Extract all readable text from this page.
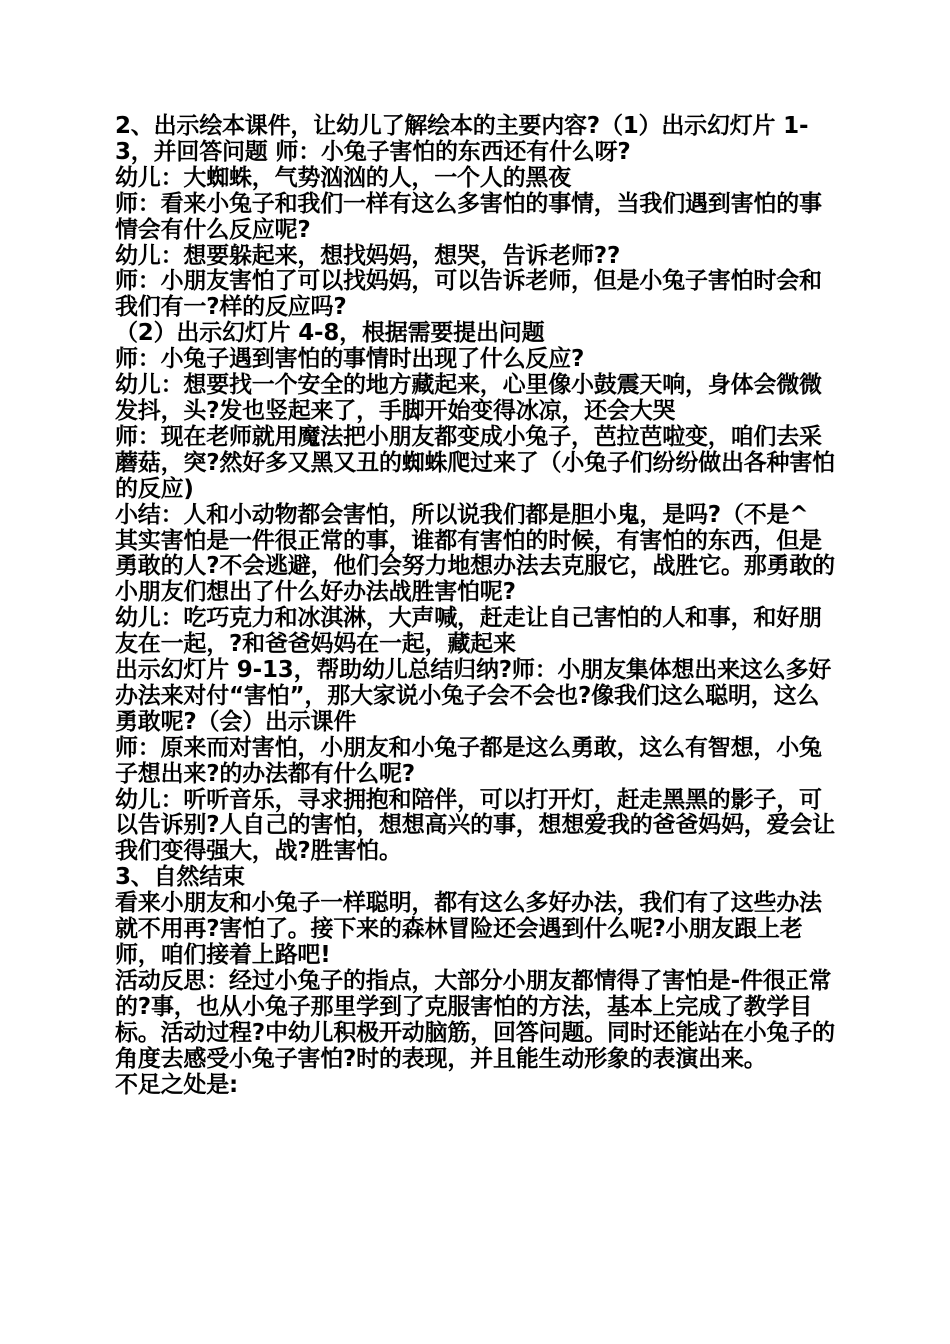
2、出示绘本课件，让幼儿了解绘本的主要内容?（1）出示幻灯片 1-3，并回答问题 师：小兔子害怕的东西还有什么呀?

幼儿：大蜘蛛，气势汹汹的人，一个人的黑夜

师：看来小兔子和我们一样有这么多害怕的事情，当我们遇到害怕的事情会有什么反应呢?

幼儿：想要躲起来，想找妈妈，想哭，告诉老师??

师：小朋友害怕了可以找妈妈，可以告诉老师，但是小兔子害怕时会和我们有一?样的反应吗?

（2）出示幻灯片 4-8，根据需要提出问题

师：小兔子遇到害怕的事情时出现了什么反应?

幼儿：想要找一个安全的地方藏起来，心里像小鼓震天响，身体会微微发抖，头?发也竖起来了，手脚开始变得冰凉，还会大哭

师：现在老师就用魔法把小朋友都变成小兔子，芭拉芭啦变，咱们去采蘑菇，突?然好多又黑又丑的蜘蛛爬过来了（小兔子们纷纷做出各种害怕的反应)

小结：人和小动物都会害怕，所以说我们都是胆小鬼，是吗?（不是^

其实害怕是一件很正常的事，谁都有害怕的时候，有害怕的东西，但是勇敢的人?不会逃避，他们会努力地想办法去克服它，战胜它。那勇敢的小朋友们想出了什么好办法战胜害怕呢?

幼儿：吃巧克力和冰淇淋，大声喊，赶走让自己害怕的人和事，和好朋友在一起，?和爸爸妈妈在一起，藏起来

出示幻灯片 9-13，帮助幼儿总结归纳?师：小朋友集体想出来这么多好办法来对付“害怕”，那大家说小兔子会不会也?像我们这么聪明，这么勇敢呢?（会）出示课件

师：原来而对害怕，小朋友和小兔子都是这么勇敢，这么有智想，小兔子想出来?的办法都有什么呢?

幼儿：听听音乐，寻求拥抱和陪伴，可以打开灯，赶走黑黑的影子，可以告诉别?人自己的害怕，想想高兴的事，想想爱我的爸爸妈妈，爱会让我们变得强大，战?胜害怕。

3、自然结束

看来小朋友和小兔子一样聪明，都有这么多好办法，我们有了这些办法就不用再?害怕了。接下来的森林冒险还会遇到什么呢?小朋友跟上老师，咱们接着上路吧!

活动反思：经过小兔子的指点，大部分小朋友都情得了害怕是-件很正常的?事，也从小兔子那里学到了克服害怕的方法，基本上完成了教学目标。活动过程?中幼儿积极开动脑筋，回答问题。同时还能站在小兔子的角度去感受小兔子害怕?时的表现，并且能生动形象的表演出来。

不足之处是:
